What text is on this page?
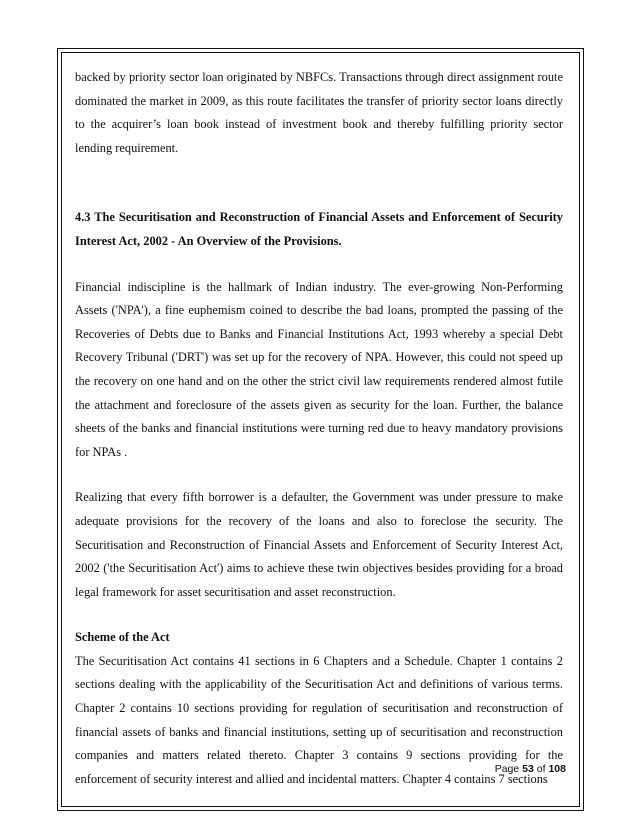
backed by priority sector loan originated by NBFCs. Transactions through direct assignment route dominated the market in 2009, as this route facilitates the transfer of priority sector loans directly to the acquirer’s loan book instead of investment book and thereby fulfilling priority sector lending requirement.

4.3 The Securitisation and Reconstruction of Financial Assets and Enforcement of Security Interest Act, 2002 - An Overview of the Provisions.

Financial indiscipline is the hallmark of Indian industry. The ever-growing Non-Performing Assets ('NPA'), a fine euphemism coined to describe the bad loans, prompted the passing of the Recoveries of Debts due to Banks and Financial Institutions Act, 1993 whereby a special Debt Recovery Tribunal ('DRT') was set up for the recovery of NPA. However, this could not speed up the recovery on one hand and on the other the strict civil law requirements rendered almost futile the attachment and foreclosure of the assets given as security for the loan. Further, the balance sheets of the banks and financial institutions were turning red due to heavy mandatory provisions for NPAs .

Realizing that every fifth borrower is a defaulter, the Government was under pressure to make adequate provisions for the recovery of the loans and also to foreclose the security. The Securitisation and Reconstruction of Financial Assets and Enforcement of Security Interest Act, 2002 ('the Securitisation Act') aims to achieve these twin objectives besides providing for a broad legal framework for asset securitisation and asset reconstruction.

Scheme of the Act

The Securitisation Act contains 41 sections in 6 Chapters and a Schedule. Chapter 1 contains 2 sections dealing with the applicability of the Securitisation Act and definitions of various terms. Chapter 2 contains 10 sections providing for regulation of securitisation and reconstruction of financial assets of banks and financial institutions, setting up of securitisation and reconstruction companies and matters related thereto. Chapter 3 contains 9 sections providing for the enforcement of security interest and allied and incidental matters. Chapter 4 contains 7 sections

Page 53 of 108
